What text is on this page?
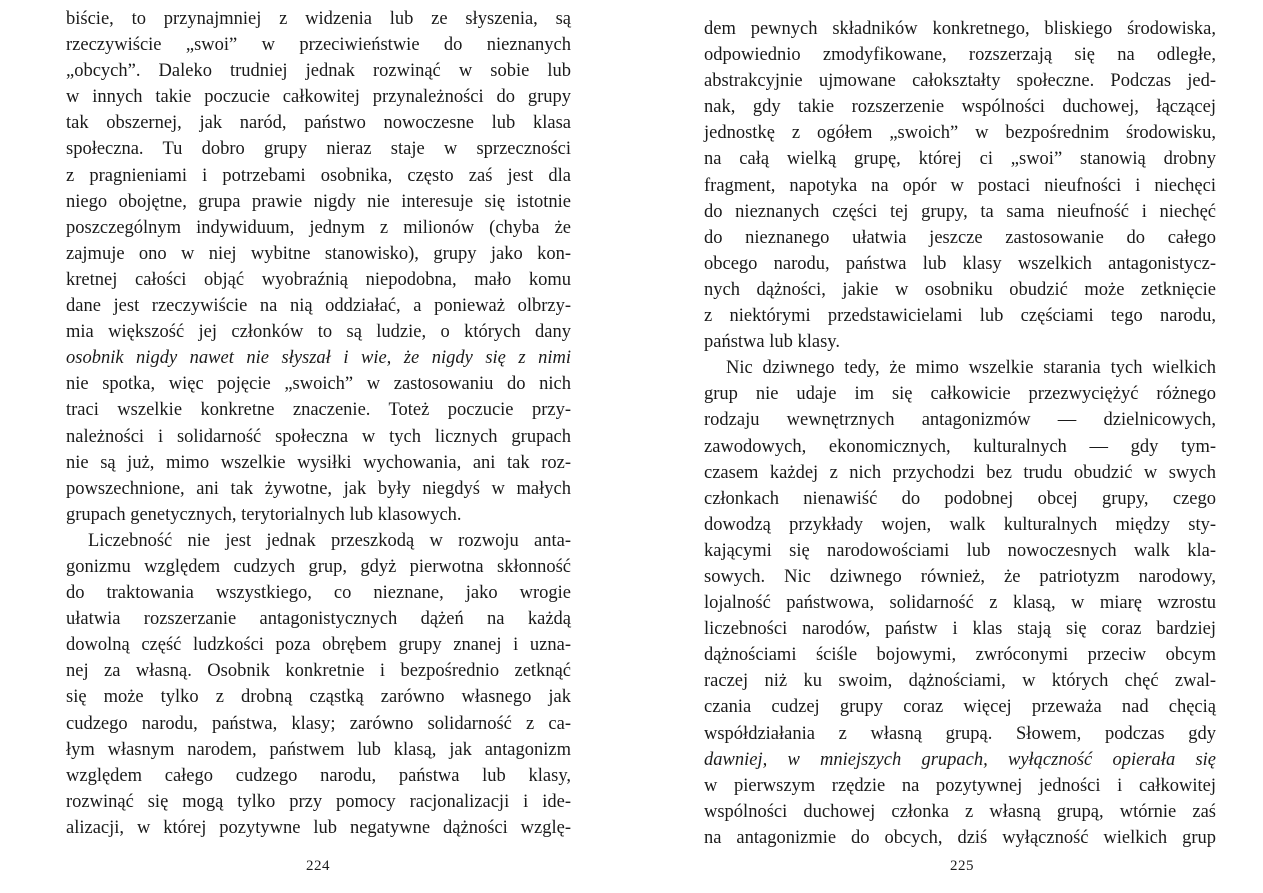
biście, to przynajmniej z widzenia lub ze słyszenia, są
rzeczywiście „swoi” w przeciwieństwie do nieznanych
„obcych”. Daleko trudniej jednak rozwinąć w sobie lub
w innych takie poczucie całkowitej przynależności do grupy
tak obszernej, jak naród, państwo nowoczesne lub klasa
społeczna. Tu dobro grupy nieraz staje w sprzeczności
z pragnieniami i potrzebami osobnika, często zaś jest dla
niego obojętne, grupa prawie nigdy nie interesuje się istotnie
poszczególnym indywiduum, jednym z milionów (chyba że
zajmuje ono w niej wybitne stanowisko), grupy jako kon-
kretnej całości objąć wyobraźnią niepodobna, mało komu
dane jest rzeczywiście na nią oddziałać, a ponieważ olbrzy-
mia większość jej członków to są ludzie, o których dany
osobnik nigdy nawet nie słyszał i wie, że nigdy się z nimi
nie spotka, więc pojęcie „swoich” w zastosowaniu do nich
traci wszelkie konkretne znaczenie. Toteż poczucie przy-
należności i solidarność społeczna w tych licznych grupach
nie są już, mimo wszelkie wysiłki wychowania, ani tak roz-
powszechnione, ani tak żywotne, jak były niegdyś w małych
grupach genetycznych, terytorialnych lub klasowych.
Liczebność nie jest jednak przeszkodą w rozwoju anta-
gonizmu względem cudzych grup, gdyż pierwotna skłonność
do traktowania wszystkiego, co nieznane, jako wrogie
ułatwia rozszerzanie antagonistycznych dążeń na każdą
dowolną część ludzkości poza obrębem grupy znanej i uzna-
nej za własną. Osobnik konkretnie i bezpośrednio zetknąć
się może tylko z drobną cząstką zarówno własnego jak
cudzego narodu, państwa, klasy; zarówno solidarność z ca-
łym własnym narodem, państwem lub klasą, jak antagonizm
względem całego cudzego narodu, państwa lub klasy,
rozwinąć się mogą tylko przy pomocy racjonalizacji i ide-
alizacji, w której pozytywne lub negatywne dążności wzglę-
224
dem pewnych składników konkretnego, bliskiego środowiska,
odpowiednio zmodyfikowane, rozszerzają się na odległe,
abstrakcyjnie ujmowane całokształty społeczne. Podczas jed-
nak, gdy takie rozszerzenie wspólności duchowej, łączącej
jednostkę z ogółem „swoich” w bezpośrednim środowisku,
na całą wielką grupę, której ci „swoi” stanowią drobny
fragment, napotyka na opór w postaci nieufności i niechęci
do nieznanych części tej grupy, ta sama nieufność i niechęć
do nieznanego ułatwia jeszcze zastosowanie do całego
obcego narodu, państwa lub klasy wszelkich antagonistycz-
nych dążności, jakie w osobniku obudzić może zetknięcie
z niektórymi przedstawicielami lub częściami tego narodu,
państwa lub klasy.
Nic dziwnego tedy, że mimo wszelkie starania tych wielkich
grup nie udaje im się całkowicie przezwyciężyć różnego
rodzaju wewnętrznych antagonizmów — dzielnicowych,
zawodowych, ekonomicznych, kulturalnych — gdy tym-
czasem każdej z nich przychodzi bez trudu obudzić w swych
członkach nienawiść do podobnej obcej grupy, czego
dowodzą przykłady wojen, walk kulturalnych między sty-
kającymi się narodowościami lub nowoczesnych walk kla-
sowych. Nic dziwnego również, że patriotyzm narodowy,
lojalność państwowa, solidarność z klasą, w miarę wzrostu
liczebności narodów, państw i klas stają się coraz bardziej
dążnościami ściśle bojowymi, zwróconymi przeciw obcym
raczej niż ku swoim, dążnościami, w których chęć zwal-
czania cudzej grupy coraz więcej przeważa nad chęcią
współdziałania z własną grupą. Słowem, podczas gdy
dawniej, w mniejszych grupach, wyłączność opierała się
w pierwszym rzędzie na pozytywnej jedności i całkowitej
wspólności duchowej członka z własną grupą, wtórnie zaś
na antagonizmie do obcych, dziś wyłączność wielkich grup
225
